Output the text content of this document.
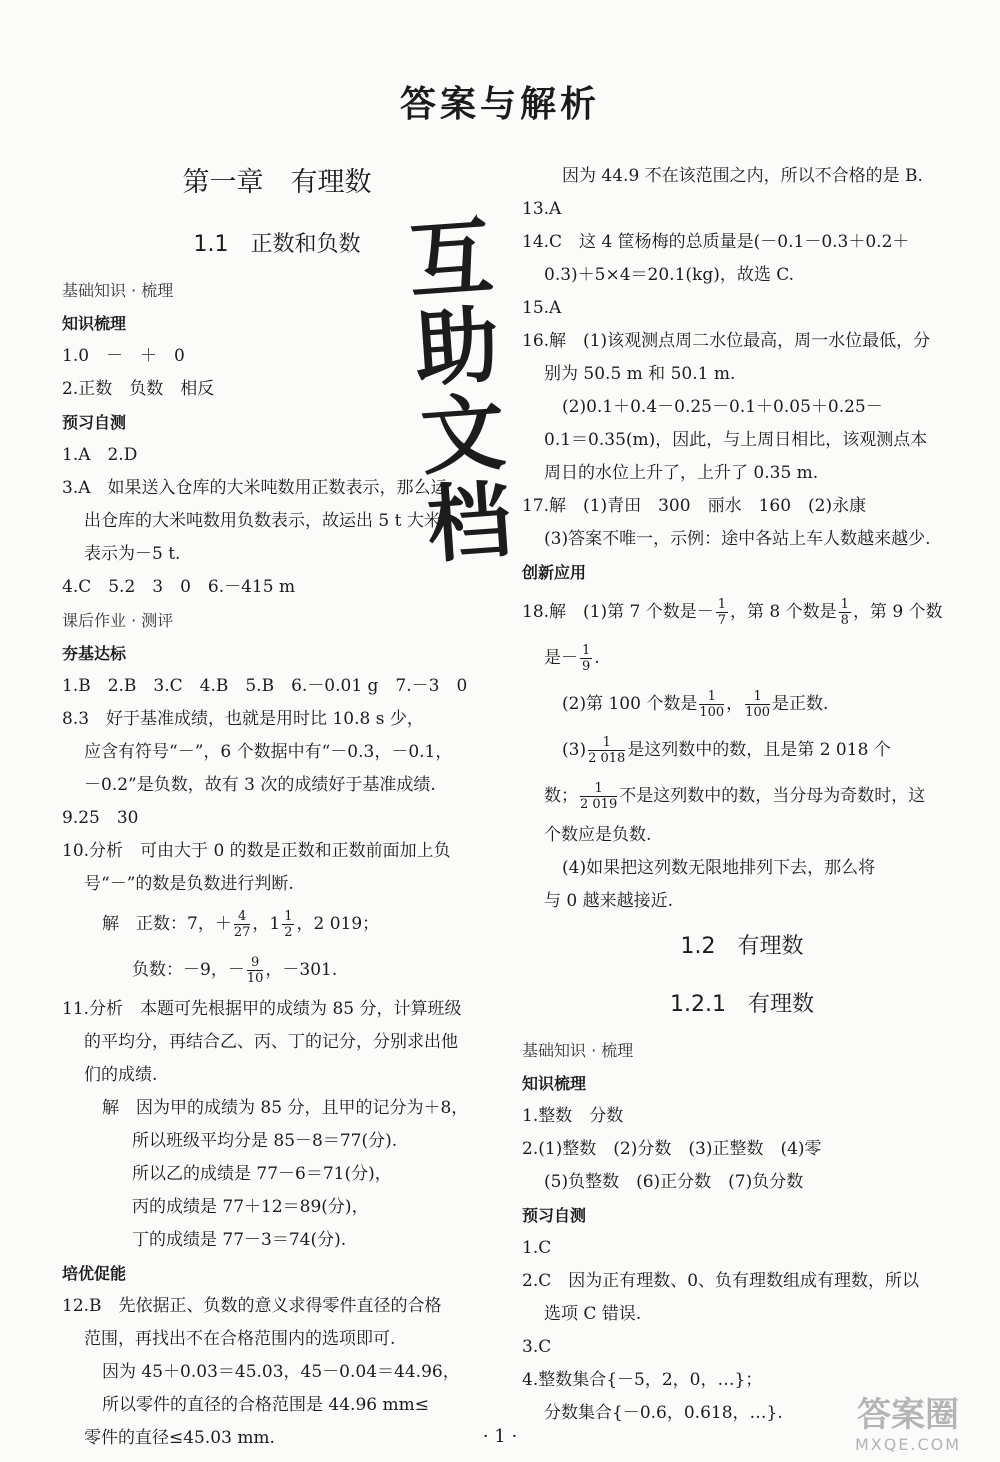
答案与解析
互
助
文
档
第一章　有理数
1.1　正数和负数
基础知识 · 梳理
知识梳理
1.0　－　＋　0
2.正数　负数　相反
预习自测
1.A　2.D
3.A　如果送入仓库的大米吨数用正数表示，那么运
出仓库的大米吨数用负数表示，故运出 5 t 大米
表示为－5 t.
4.C　5.2　3　0　6.－415 m
课后作业 · 测评
夯基达标
1.B　2.B　3.C　4.B　5.B　6.－0.01 g　7.－3　0
8.3　好于基准成绩，也就是用时比 10.8 s 少，
应含有符号“－”，6 个数据中有“－0.3，－0.1，
－0.2”是负数，故有 3 次的成绩好于基准成绩.
9.25　30
10.分析　可由大于 0 的数是正数和正数前面加上负
号“－”的数是负数进行判断.
解　正数：7，＋ $\frac{4}{27}$ ，$1 \frac{1}{2}$ ，2 019；
负数：－9，－ $\frac{9}{10}$ ，－301.
11.分析　本题可先根据甲的成绩为 85 分，计算班级
的平均分，再结合乙、丙、丁的记分，分别求出他
们的成绩.
解　因为甲的成绩为 85 分，且甲的记分为＋8，
所以班级平均分是 85－8＝77(分).
所以乙的成绩是 77－6＝71(分)，
丙的成绩是 77＋12＝89(分)，
丁的成绩是 77－3＝74(分).
培优促能
12.B　先依据正、负数的意义求得零件直径的合格
范围，再找出不在合格范围内的选项即可.
因为 45＋0.03＝45.03，45－0.04＝44.96，
所以零件的直径的合格范围是 44.96 mm≤
零件的直径≤45.03 mm.
因为 44.9 不在该范围之内，所以不合格的是 B.
13.A
14.C　这 4 筐杨梅的总质量是(－0.1－0.3＋0.2＋
0.3)＋5×4＝20.1(kg)，故选 C.
15.A
16.解　(1)该观测点周二水位最高，周一水位最低，分
别为 50.5 m 和 50.1 m.
(2)0.1＋0.4－0.25－0.1＋0.05＋0.25－
0.1＝0.35(m)，因此，与上周日相比，该观测点本
周日的水位上升了，上升了 0.35 m.
17.解　(1)青田　300　丽水　160　(2)永康
(3)答案不唯一，示例：途中各站上车人数越来越少.
创新应用
18.解　(1)第 7 个数是－ $\frac{1}{7}$ ，第 8 个数是 $\frac{1}{8}$ ，第 9 个数
是－ $\frac{1}{9}$ .
(2)第 100 个数是 $\frac{1}{100}$ ， $\frac{1}{100}$ 是正数.
$(3) \frac{1}{2 018}$ 是这列数中的数，且是第 2 018 个
数； $\frac{1}{2 019}$ 不是这列数中的数，当分母为奇数时，这
个数应是负数.
(4)如果把这列数无限地排列下去，那么将
与 0 越来越接近.
1.2　有理数
1.2.1　有理数
基础知识 · 梳理
知识梳理
1.整数　分数
2.(1)整数　(2)分数　(3)正整数　(4)零
(5)负整数　(6)正分数　(7)负分数
预习自测
1.C
2.C　因为正有理数、0、负有理数组成有理数，所以
选项 C 错误.
3.C
4.整数集合{－5，2，0，…}；
分数集合{－0.6，0.618，…}.
· 1 ·
答案圈
MXQE.COM
